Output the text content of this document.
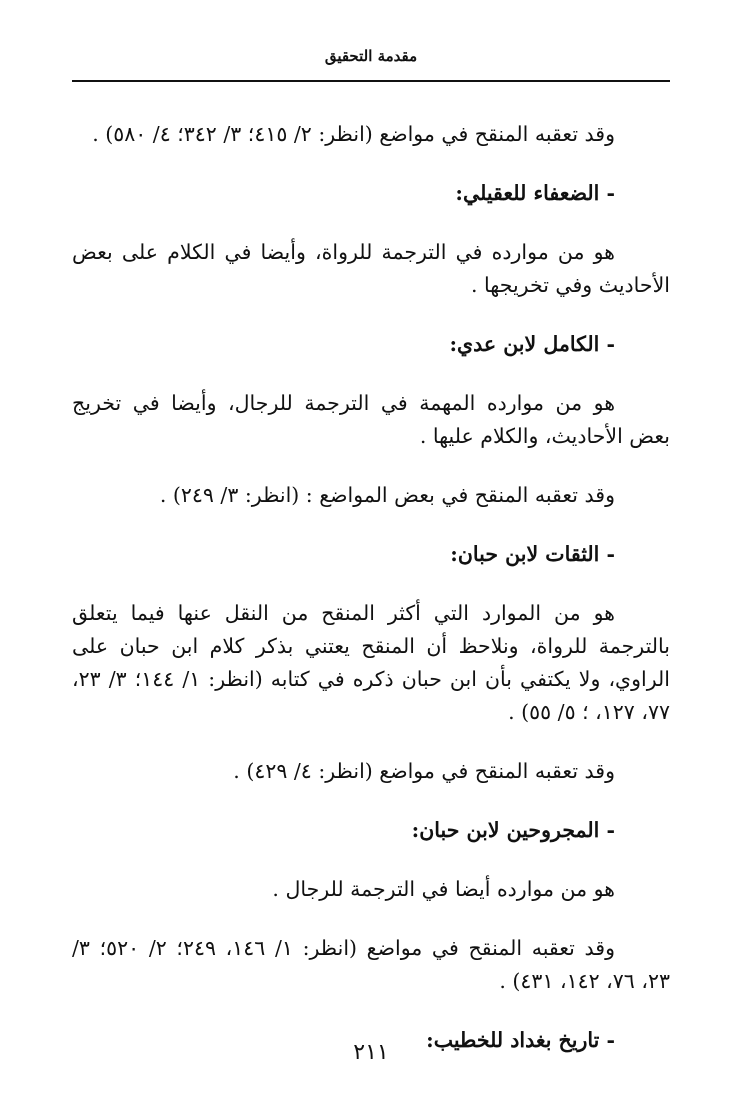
مقدمة التحقيق

وقد تعقبه المنقح في مواضع (انظر: ٢/ ٤١٥؛ ٣/ ٣٤٢؛ ٤/ ٥٨٠) .

- الضعفاء للعقيلي:

هو من موارده في الترجمة للرواة، وأيضا في الكلام على بعض الأحاديث وفي تخريجها .

- الكامل لابن عدي:

هو من موارده المهمة في الترجمة للرجال، وأيضا في تخريج بعض الأحاديث، والكلام عليها .

وقد تعقبه المنقح في بعض المواضع : (انظر: ٣/ ٢٤٩) .

- الثقات لابن حبان:

هو من الموارد التي أكثر المنقح من النقل عنها فيما يتعلق بالترجمة للرواة، ونلاحظ أن المنقح يعتني بذكر كلام ابن حبان على الراوي، ولا يكتفي بأن ابن حبان ذكره في كتابه (انظر: ١/ ١٤٤؛ ٣/ ٢٣، ٧٧، ١٢٧، ؛ ٥/ ٥٥) .

وقد تعقبه المنقح في مواضع (انظر: ٤/ ٤٢٩) .

- المجروحين لابن حبان:

هو من موارده أيضا في الترجمة للرجال .

وقد تعقبه المنقح في مواضع (انظر: ١/ ١٤٦، ٢٤٩؛ ٢/ ٥٢٠؛ ٣/ ٢٣، ٧٦، ١٤٢، ٤٣١) .

- تاريخ بغداد للخطيب:

٢١١
